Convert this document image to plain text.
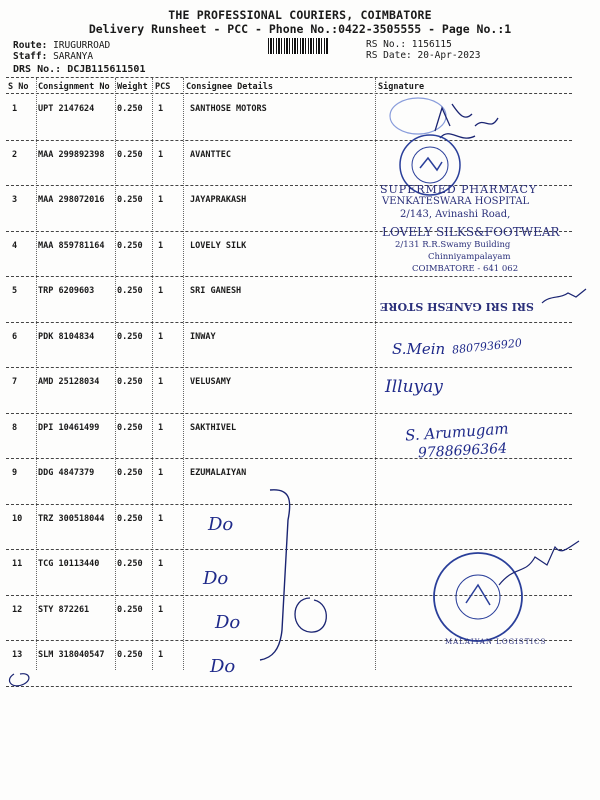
THE PROFESSIONAL COURIERS, COIMBATORE
Delivery Runsheet - PCC - Phone No.:0422-3505555 - Page No.:1
Route: IRUGURROAD
Staff: SARANYA
DRS No.: DCJB115611501
RS No.: 1156115
RS Date: 20-Apr-2023
S No Consignment No Weight PCS Consignee Details	Signature
1 UPT 2147624	0.250 1	SANTHOSE MOTORS
2 MAA 299892398 0.250 1	AVANTTEC
3 MAA 298072016 0.250 1	JAYAPRAKASH
4 MAA 859781164 0.250 1	LOVELY SILK
5 TRP 6209603	0.250 1	SRI GANESH
6 PDK 8104834	0.250 1	INWAY
7 AMD 25128034 0.250 1	VELUSAMY
8 DPI 10461499 0.250 1	SAKTHIVEL
9 DDG 4847379	0.250 1	EZUMALAIYAN
10 TRZ 300518044 0.250 1
11 TCG 10113440 0.250 1
12 STY 872261	0.250 1
13 SLM 318040547 0.250 1
SUPERMED PHARMACY
VENKATESWARA HOSPITAL
2/143, Avinashi Road,
LOVELY SILKS&FOOTWEAR
2/131 R.R.Swamy Building
Chinniyampalayam
COIMBATORE - 641 062
SRI SRI GANESH STORE
S.Mein 8807936920
Illuyay
S. Arumugam
9788696364
Do
Do
Do
Do
MALAIYAN LOGISTICS
